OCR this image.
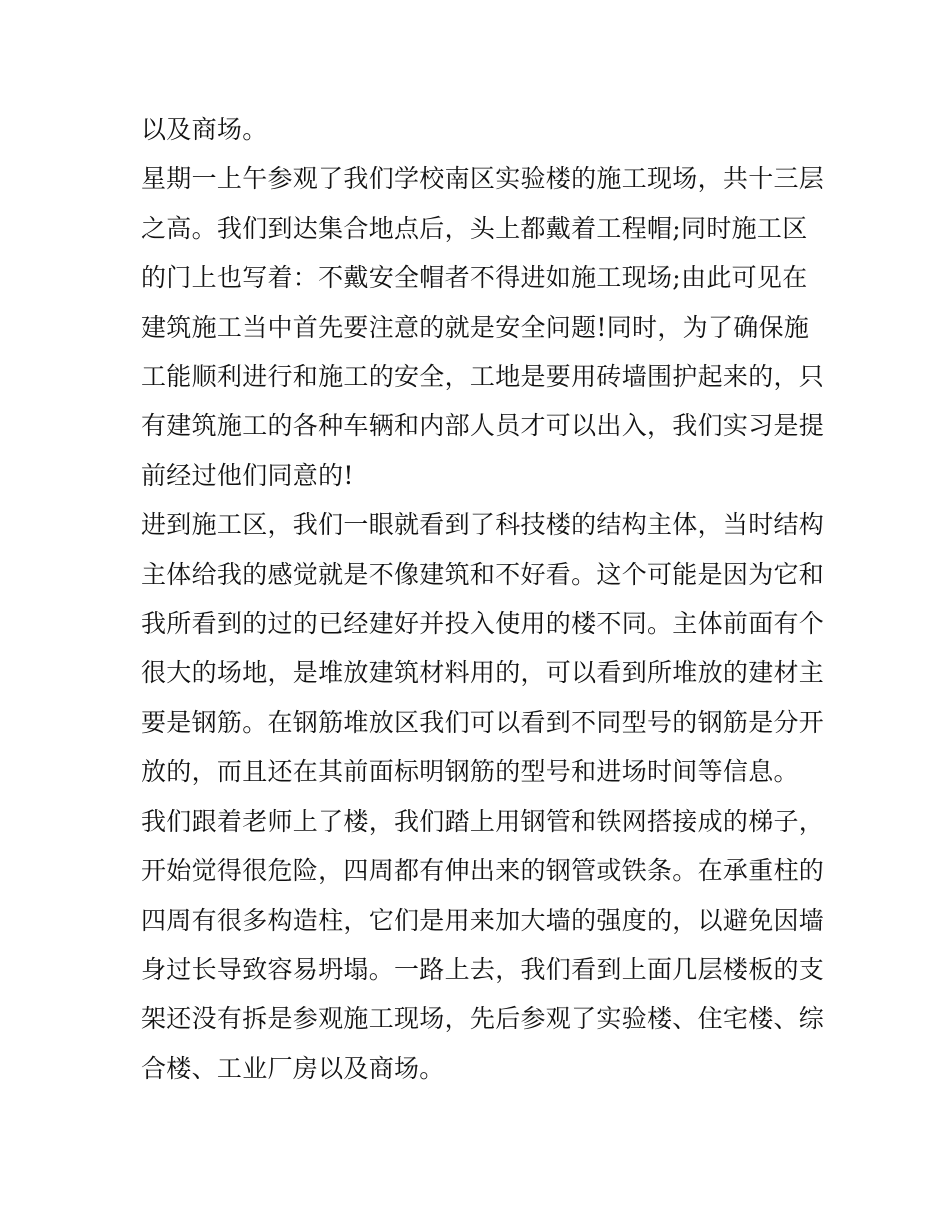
以及商场。
星期一上午参观了我们学校南区实验楼的施工现场，共十三层
之高。我们到达集合地点后，头上都戴着工程帽;同时施工区
的门上也写着：不戴安全帽者不得进如施工现场;由此可见在
建筑施工当中首先要注意的就是安全问题!同时，为了确保施
工能顺利进行和施工的安全，工地是要用砖墙围护起来的，只
有建筑施工的各种车辆和内部人员才可以出入，我们实习是提
前经过他们同意的!
进到施工区，我们一眼就看到了科技楼的结构主体，当时结构
主体给我的感觉就是不像建筑和不好看。这个可能是因为它和
我所看到的过的已经建好并投入使用的楼不同。主体前面有个
很大的场地，是堆放建筑材料用的，可以看到所堆放的建材主
要是钢筋。在钢筋堆放区我们可以看到不同型号的钢筋是分开
放的，而且还在其前面标明钢筋的型号和进场时间等信息。
我们跟着老师上了楼，我们踏上用钢管和铁网搭接成的梯子，
开始觉得很危险，四周都有伸出来的钢管或铁条。在承重柱的
四周有很多构造柱，它们是用来加大墙的强度的，以避免因墙
身过长导致容易坍塌。一路上去，我们看到上面几层楼板的支
架还没有拆是参观施工现场，先后参观了实验楼、住宅楼、综
合楼、工业厂房以及商场。
